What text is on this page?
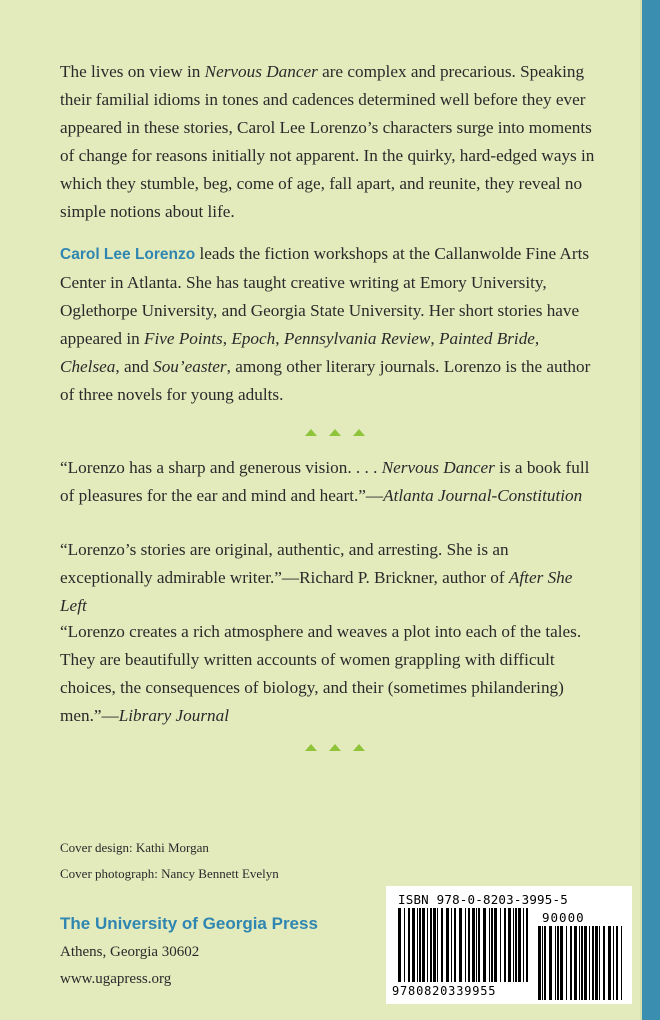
The lives on view in Nervous Dancer are complex and precarious. Speaking their familial idioms in tones and cadences determined well before they ever appeared in these stories, Carol Lee Lorenzo’s characters surge into moments of change for reasons initially not apparent. In the quirky, hard-edged ways in which they stumble, beg, come of age, fall apart, and reunite, they reveal no simple notions about life.

Carol Lee Lorenzo leads the fiction workshops at the Callanwolde Fine Arts Center in Atlanta. She has taught creative writing at Emory University, Oglethorpe University, and Georgia State University. Her short stories have appeared in Five Points, Epoch, Pennsylvania Review, Painted Bride, Chelsea, and Sou’easter, among other literary journals. Lorenzo is the author of three novels for young adults.

“Lorenzo has a sharp and generous vision. . . . Nervous Dancer is a book full of pleasures for the ear and mind and heart.”—Atlanta Journal-Constitution

“Lorenzo’s stories are original, authentic, and arresting. She is an exceptionally admirable writer.”—Richard P. Brickner, author of After She Left

“Lorenzo creates a rich atmosphere and weaves a plot into each of the tales. They are beautifully written accounts of women grappling with difficult choices, the consequences of biology, and their (sometimes philandering) men.”—Library Journal

Cover design: Kathi Morgan
Cover photograph: Nancy Bennett Evelyn
The University of Georgia Press
Athens, Georgia 30602
www.ugapress.org
ISBN 978-0-8203-3995-5
90000
9780820339955
